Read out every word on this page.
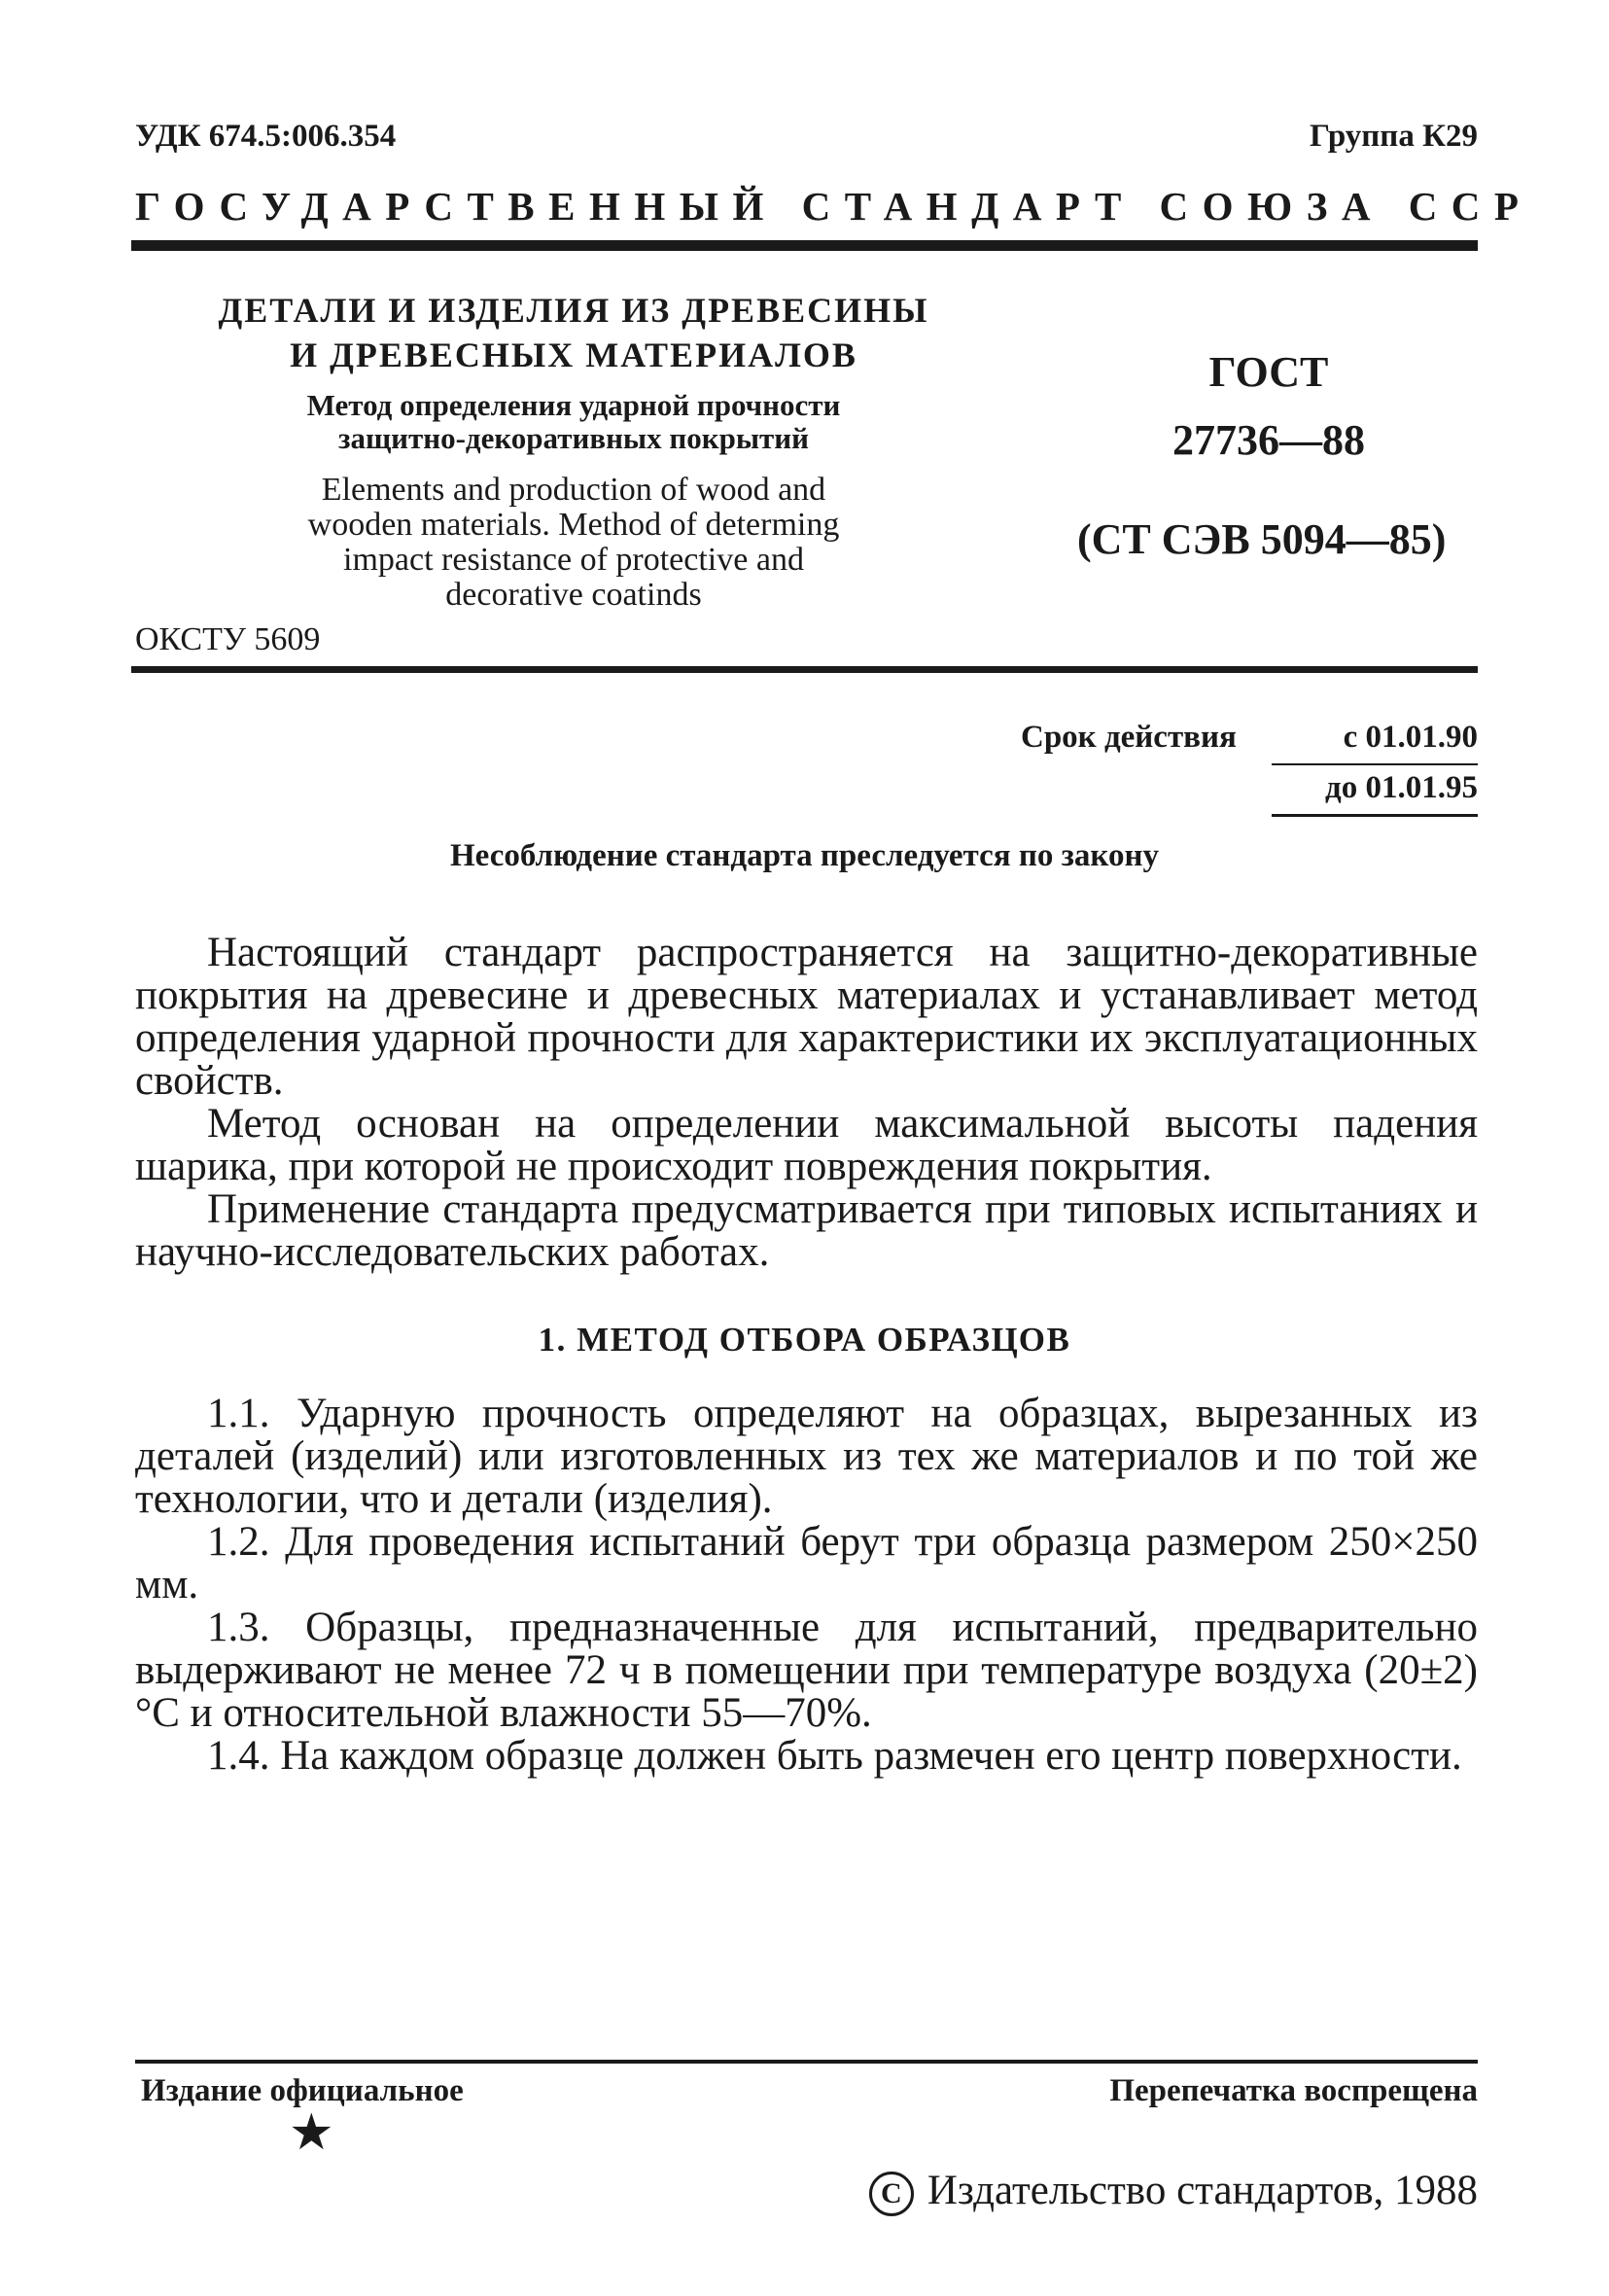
УДК 674.5:006.354	Группа К29
ГОСУДАРСТВЕННЫЙ СТАНДАРТ СОЮЗА ССР
ДЕТАЛИ И ИЗДЕЛИЯ ИЗ ДРЕВЕСИНЫ
И ДРЕВЕСНЫХ МАТЕРИАЛОВ
Метод определения ударной прочности
защитно-декоративных покрытий
Elements and production of wood and
wooden materials. Method of determing
impact resistance of protective and
decorative coatinds
ОКСТУ 5609
ГОСТ
27736—88
(СТ СЭВ 5094—85)
Срок действия	с 01.01.90
до 01.01.95
Несоблюдение стандарта преследуется по закону

Настоящий стандарт распространяется на защитно-декоративные покрытия на древесине и древесных материалах и устанавливает метод определения ударной прочности для характеристики их эксплуатационных свойств.

Метод основан на определении максимальной высоты падения шарика, при которой не происходит повреждения покрытия.

Применение стандарта предусматривается при типовых испытаниях и научно-исследовательских работах.

1. МЕТОД ОТБОРА ОБРАЗЦОВ

1.1. Ударную прочность определяют на образцах, вырезанных из деталей (изделий) или изготовленных из тех же материалов и по той же технологии, что и детали (изделия).

1.2. Для проведения испытаний берут три образца размером 250×250 мм.

1.3. Образцы, предназначенные для испытаний, предварительно выдерживают не менее 72 ч в помещении при температуре воздуха (20±2)°С и относительной влажности 55—70%.

1.4. На каждом образце должен быть размечен его центр поверхности.

Издание официальное	Перепечатка воспрещена
★
C Издательство стандартов, 1988
